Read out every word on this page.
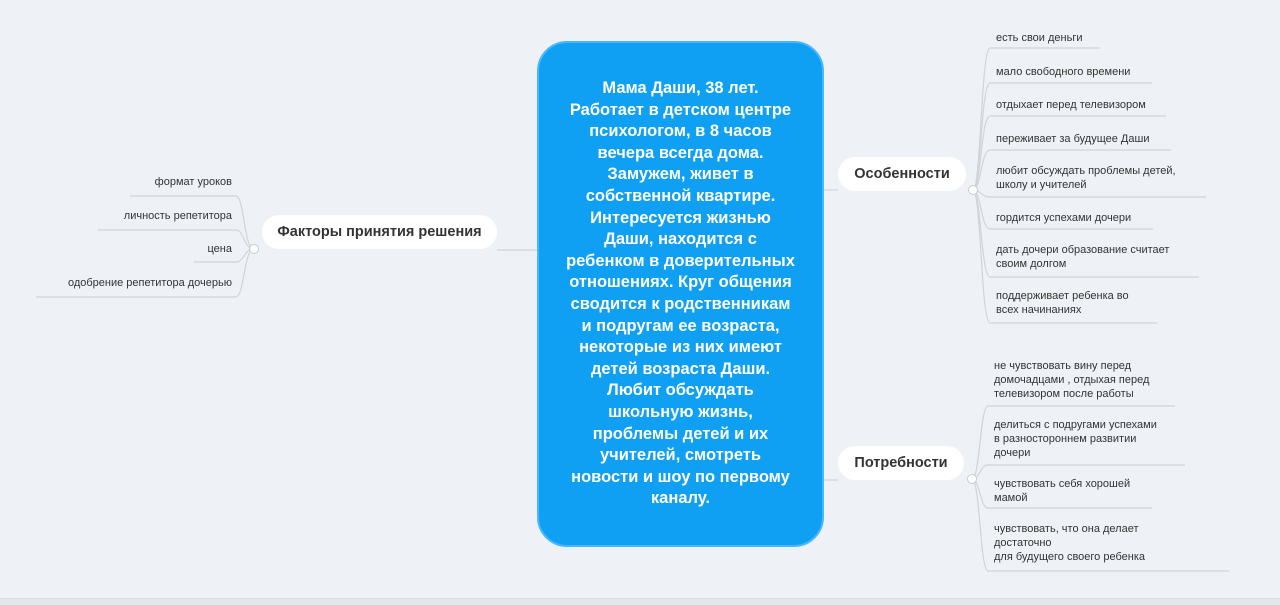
Мама Даши, 38 лет. Работает в детском центре психологом, в 8 часов вечера всегда дома. Замужем, живет в собственной квартире. Интересуется жизнью Даши, находится с ребенком в доверительных отношениях. Круг общения сводится к родственникам и подругам ее возраста, некоторые из них имеют детей возраста Даши. Любит обсуждать школьную жизнь, проблемы детей и их учителей, смотреть новости и шоу по первому каналу.
Факторы принятия решения
формат уроков
личность репетитора
цена
одобрение репетитора дочерью
Особенности
есть свои деньги
мало свободного времени
отдыхает перед телевизором
переживает за будущее Даши
любит обсуждать проблемы детей,
школу и учителей
гордится успехами дочери
дать дочери образование считает
своим долгом
поддерживает ребенка во
всех начинаниях
Потребности
не чувствовать вину перед
домочадцами , отдыхая перед
телевизором после работы
делиться с подругами успехами
в разностороннем развитии
дочери
чувствовать себя хорошей
мамой
чувствовать, что она делает
достаточно
для будущего своего ребенка
